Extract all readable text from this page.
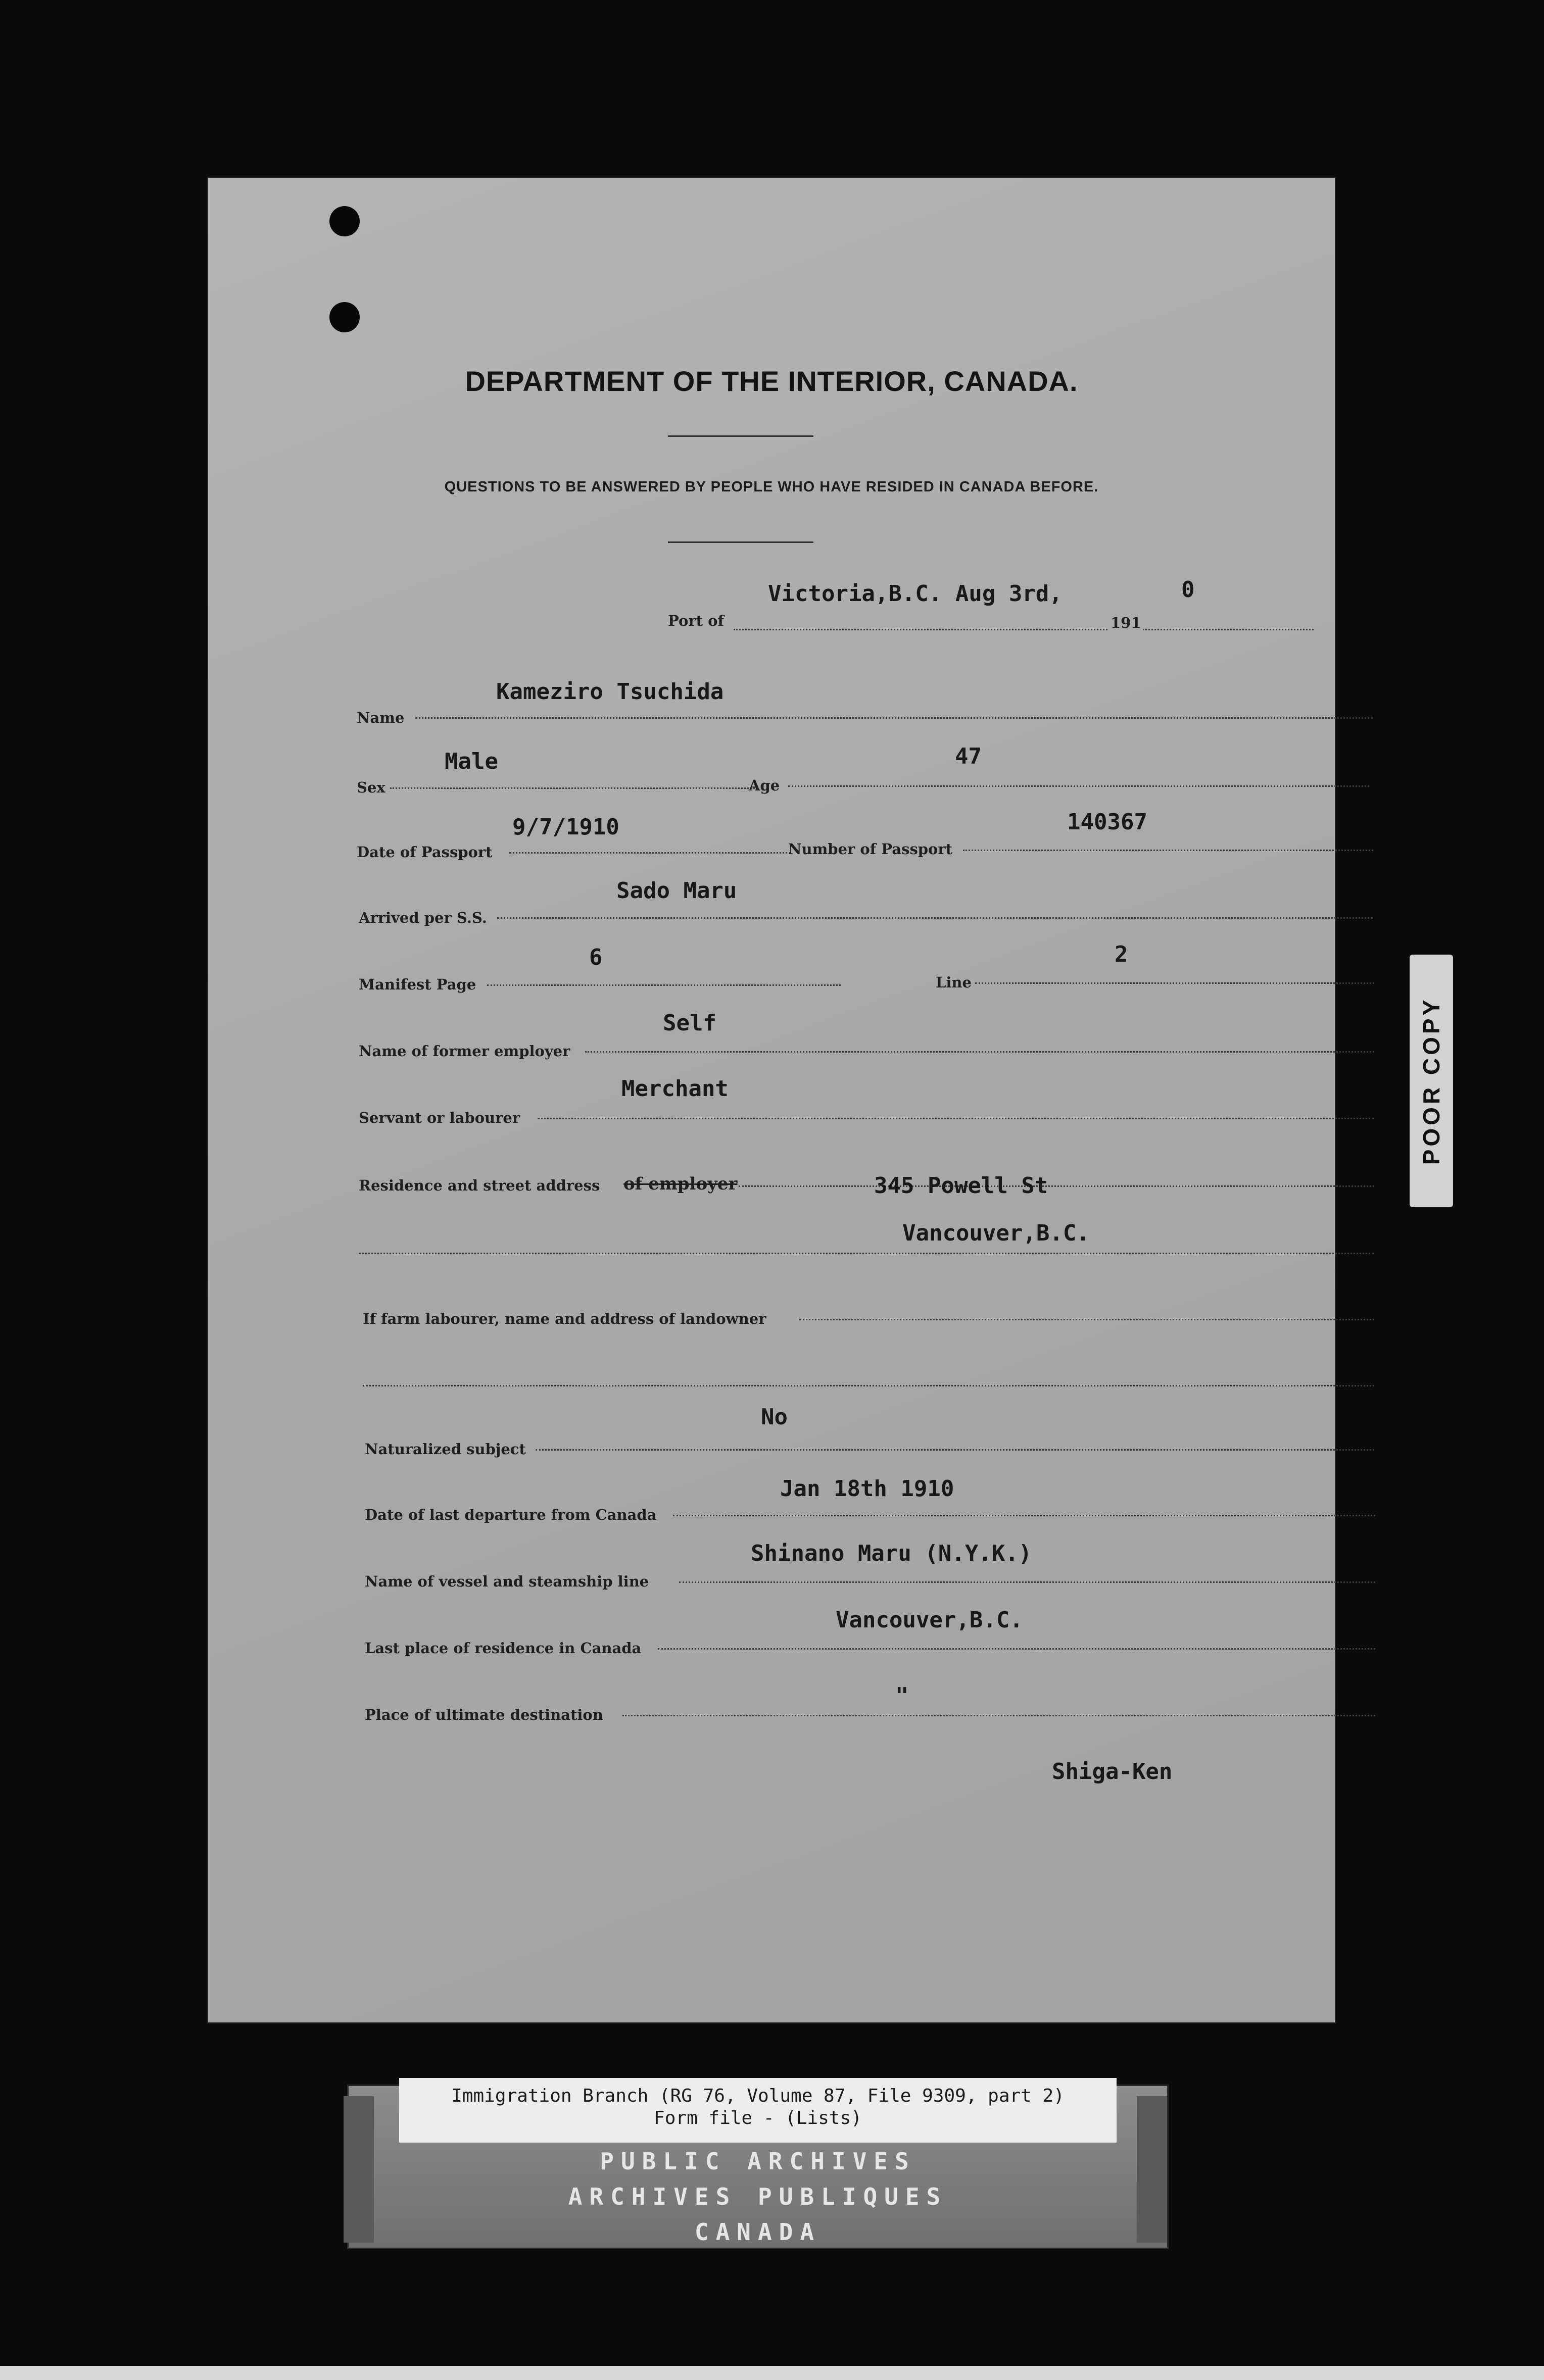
DEPARTMENT OF THE INTERIOR, CANADA.
QUESTIONS TO BE ANSWERED BY PEOPLE WHO HAVE RESIDED IN CANADA BEFORE.
Port of
Victoria,B.C. Aug 3rd,
191
0
Name
Kameziro Tsuchida
Sex
Male
Age
47
Date of Passport
9/7/1910
Number of Passport
140367
Arrived per S.S.
Sado Maru
Manifest Page
6
Line
2
Name of former employer
Self
Servant or labourer
Merchant
Residence and street address of employer	345 Powell St
Vancouver,B.C.
If farm labourer, name and address of landowner
Naturalized subject
No
Date of last departure from Canada
Jan 18th 1910
Name of vessel and steamship line
Shinano Maru (N.Y.K.)
Last place of residence in Canada
Vancouver,B.C.
Place of ultimate destination
"
Shiga-Ken
Immigration Branch (RG 76, Volume 87, File 9309, part 2)
Form file - (Lists)
PUBLIC ARCHIVES
ARCHIVES PUBLIQUES
CANADA
POOR COPY
